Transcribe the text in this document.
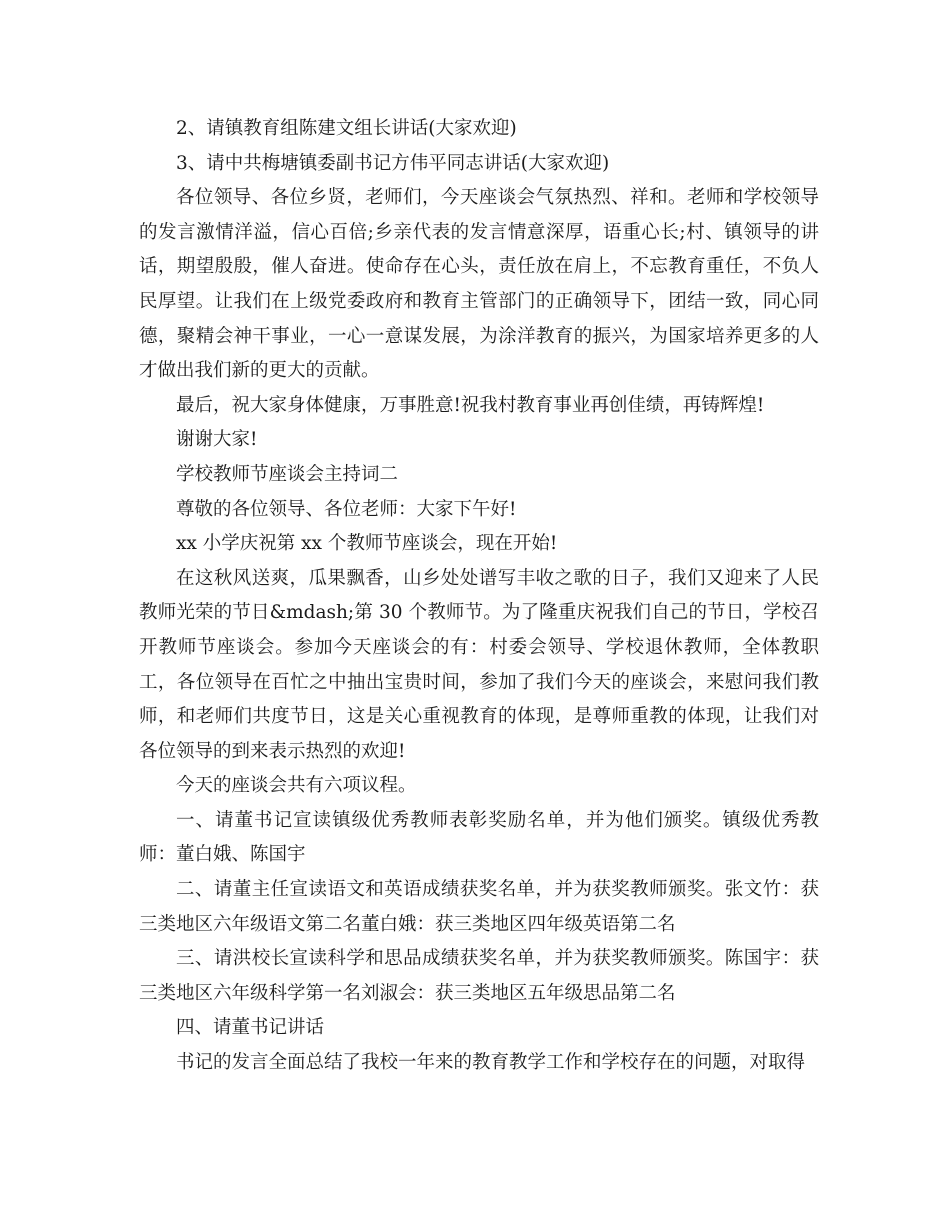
2、请镇教育组陈建文组长讲话(大家欢迎)

3、请中共梅塘镇委副书记方伟平同志讲话(大家欢迎)

各位领导、各位乡贤，老师们，今天座谈会气氛热烈、祥和。老师和学校领导的发言激情洋溢，信心百倍;乡亲代表的发言情意深厚，语重心长;村、镇领导的讲话，期望殷殷，催人奋进。使命存在心头，责任放在肩上，不忘教育重任，不负人民厚望。让我们在上级党委政府和教育主管部门的正确领导下，团结一致，同心同德，聚精会神干事业，一心一意谋发展，为涂洋教育的振兴，为国家培养更多的人才做出我们新的更大的贡献。

最后，祝大家身体健康，万事胜意!祝我村教育事业再创佳绩，再铸辉煌!

谢谢大家!

学校教师节座谈会主持词二

尊敬的各位领导、各位老师：大家下午好!

xx 小学庆祝第 xx 个教师节座谈会，现在开始!

在这秋风送爽，瓜果飘香，山乡处处谱写丰收之歌的日子，我们又迎来了人民教师光荣的节日&mdash;第 30 个教师节。为了隆重庆祝我们自己的节日，学校召开教师节座谈会。参加今天座谈会的有：村委会领导、学校退休教师，全体教职工，各位领导在百忙之中抽出宝贵时间，参加了我们今天的座谈会，来慰问我们教师，和老师们共度节日，这是关心重视教育的体现，是尊师重教的体现，让我们对各位领导的到来表示热烈的欢迎!

今天的座谈会共有六项议程。

一、请董书记宣读镇级优秀教师表彰奖励名单，并为他们颁奖。镇级优秀教师：董白娥、陈国宇

二、请董主任宣读语文和英语成绩获奖名单，并为获奖教师颁奖。张文竹：获三类地区六年级语文第二名董白娥：获三类地区四年级英语第二名

三、请洪校长宣读科学和思品成绩获奖名单，并为获奖教师颁奖。陈国宇：获三类地区六年级科学第一名刘淑会：获三类地区五年级思品第二名

四、请董书记讲话

书记的发言全面总结了我校一年来的教育教学工作和学校存在的问题，对取得
